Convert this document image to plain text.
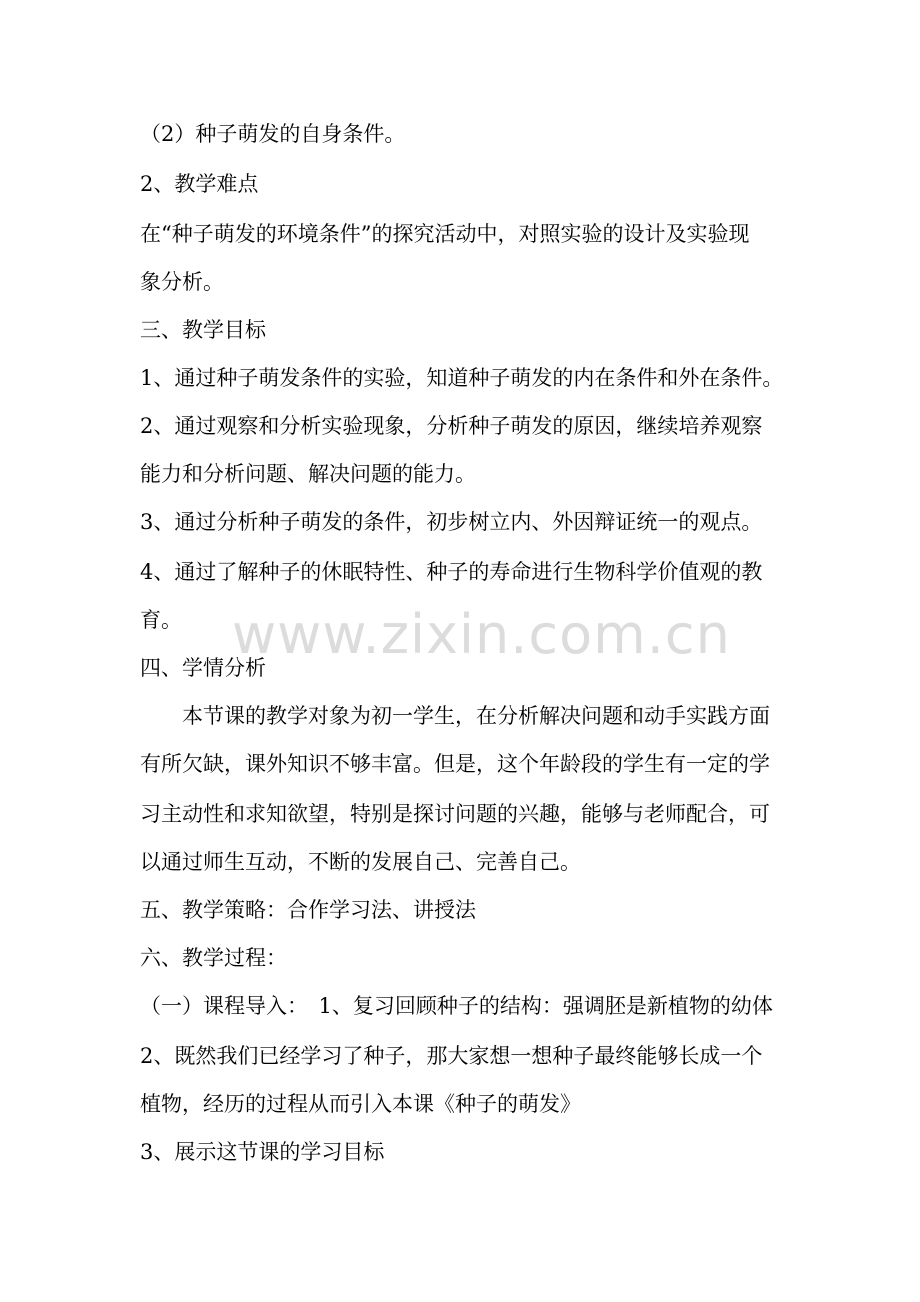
（2）种子萌发的自身条件。
2、教学难点
在“种子萌发的环境条件”的探究活动中，对照实验的设计及实验现
象分析。
三、教学目标
1、通过种子萌发条件的实验，知道种子萌发的内在条件和外在条件。
2、通过观察和分析实验现象，分析种子萌发的原因，继续培养观察
能力和分析问题、解决问题的能力。
3、通过分析种子萌发的条件，初步树立内、外因辩证统一的观点。
4、通过了解种子的休眠特性、种子的寿命进行生物科学价值观的教
育。
四、学情分析
本节课的教学对象为初一学生，在分析解决问题和动手实践方面
有所欠缺，课外知识不够丰富。但是，这个年龄段的学生有一定的学
习主动性和求知欲望，特别是探讨问题的兴趣，能够与老师配合，可
以通过师生互动，不断的发展自己、完善自己。
五、教学策略：合作学习法、讲授法
六、教学过程：
（一）课程导入：　1、复习回顾种子的结构：强调胚是新植物的幼体
2、既然我们已经学习了种子，那大家想一想种子最终能够长成一个
植物，经历的过程从而引入本课《种子的萌发》
3、展示这节课的学习目标
www.zixin.com.cn
